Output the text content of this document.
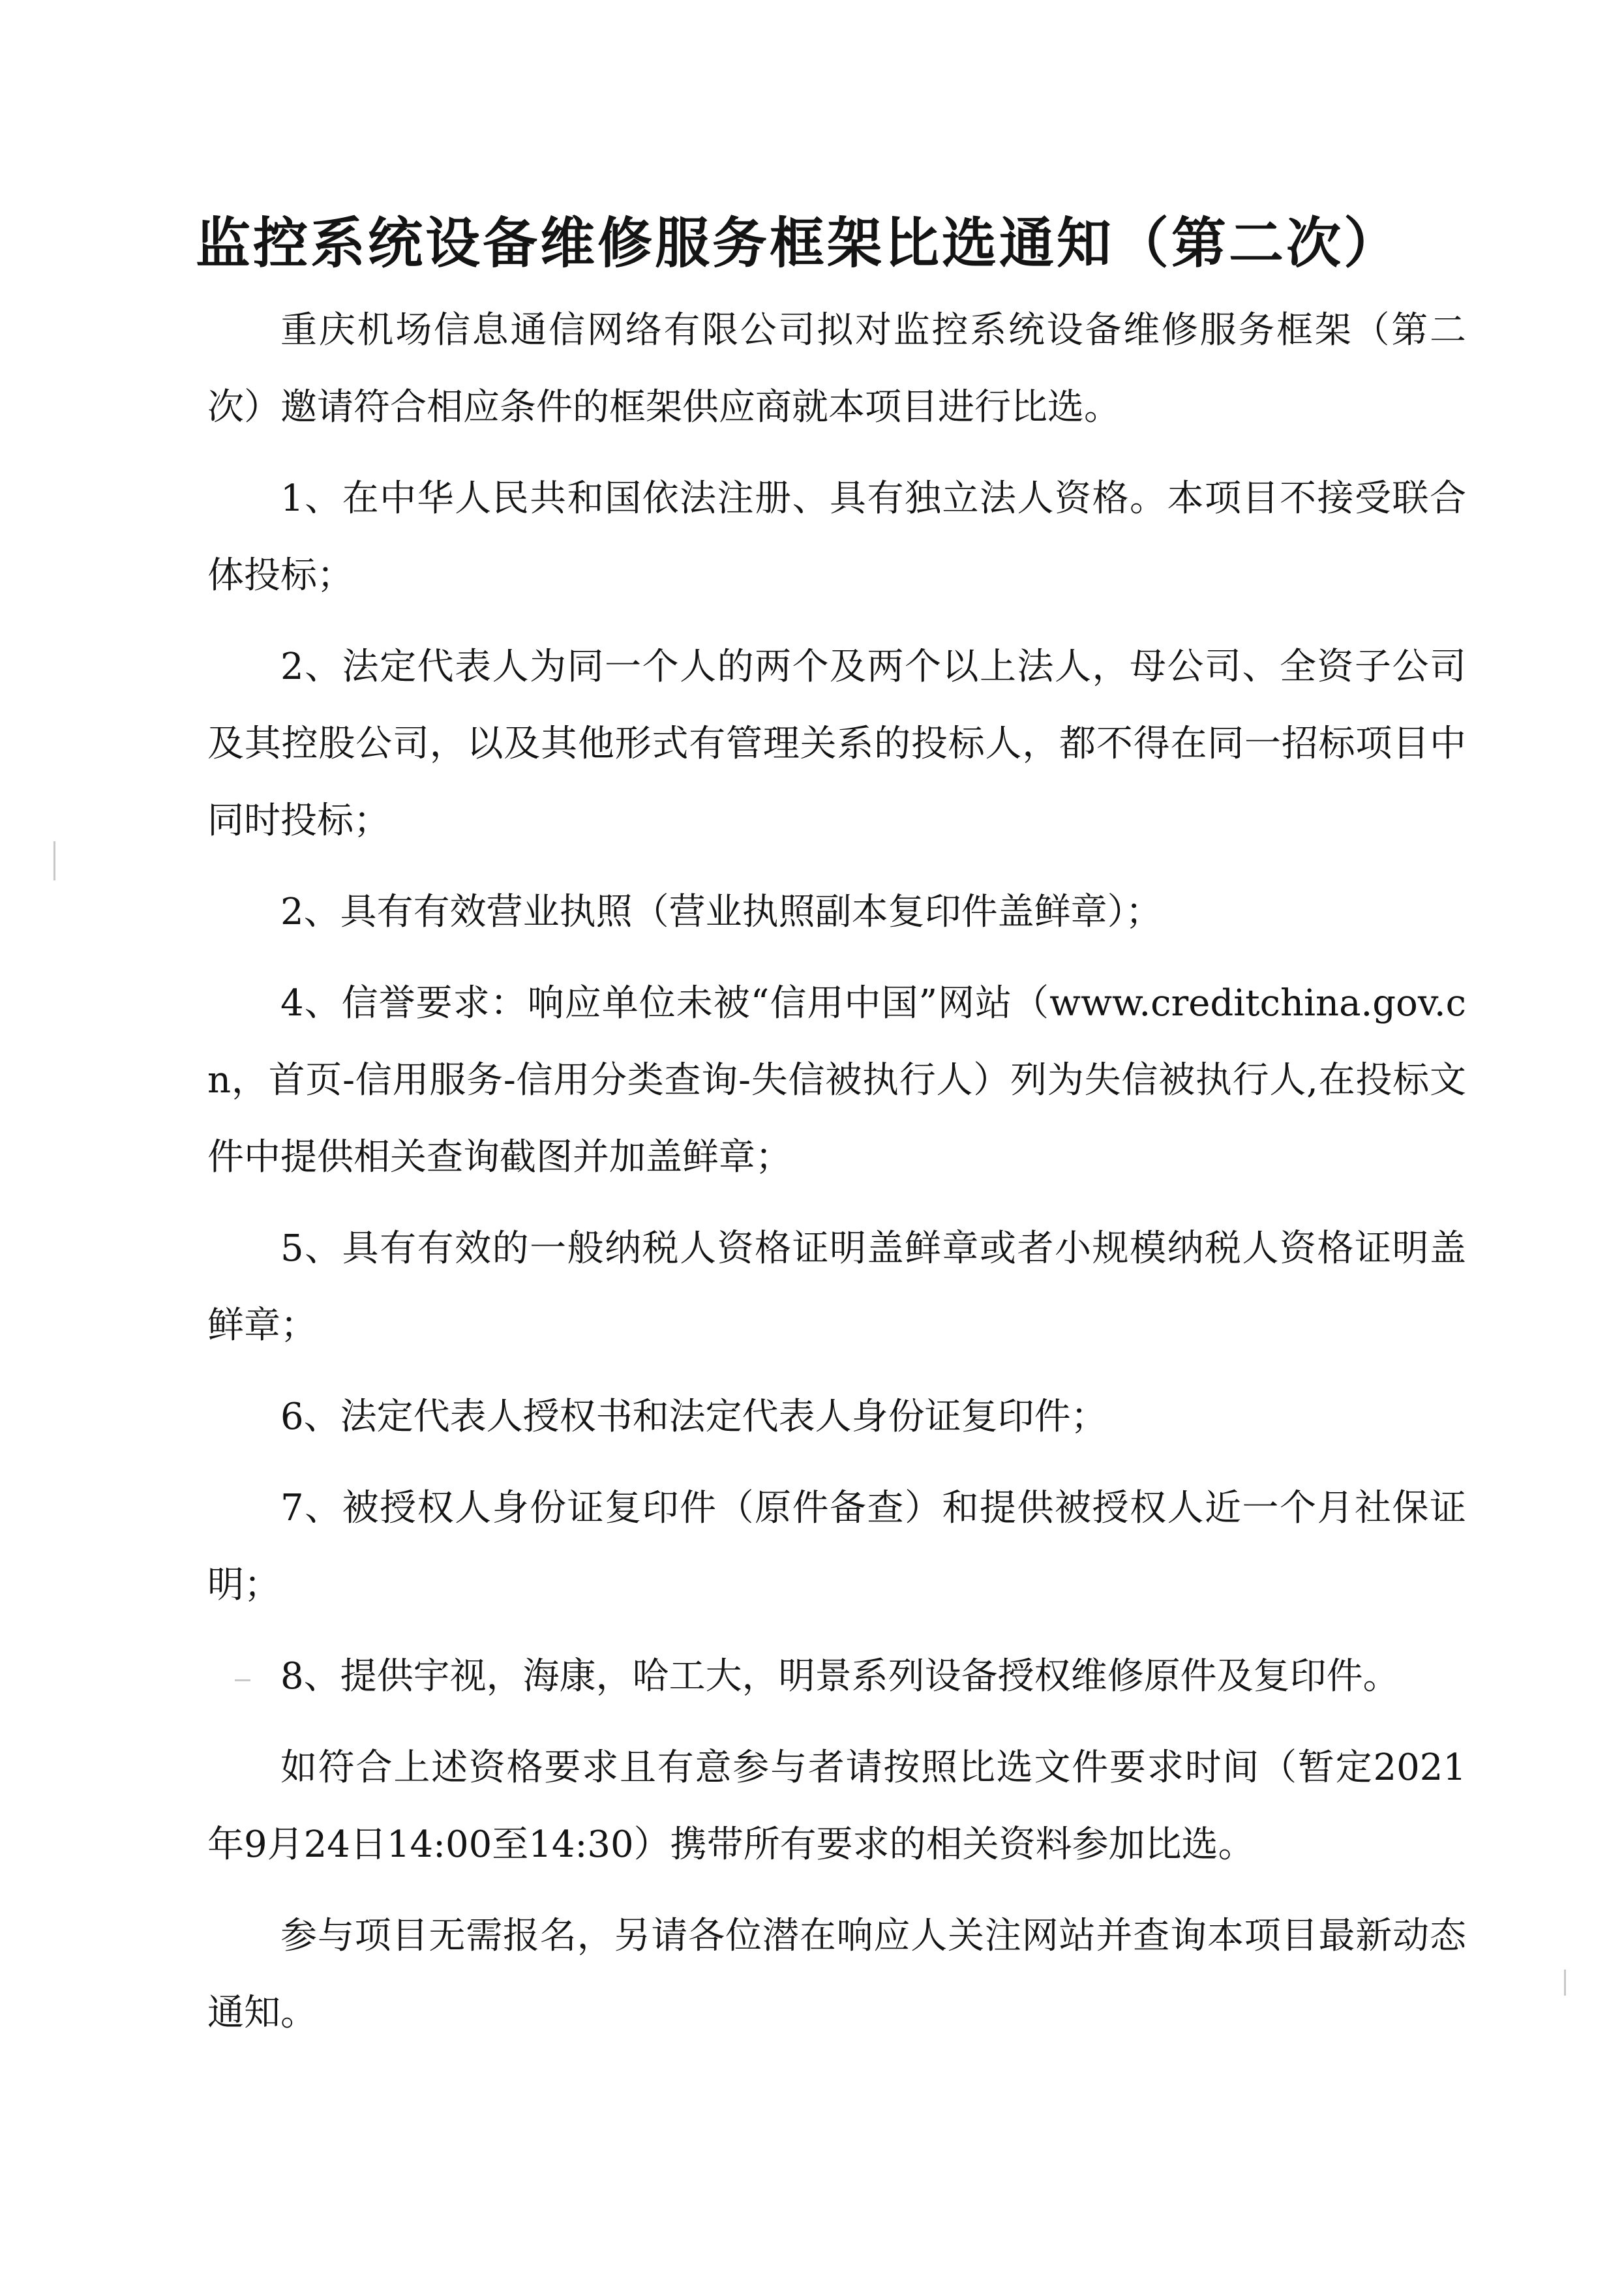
监控系统设备维修服务框架比选通知（第二次）

重庆机场信息通信网络有限公司拟对监控系统设备维修服务框架（第二次）邀请符合相应条件的框架供应商就本项目进行比选。

1、在中华人民共和国依法注册、具有独立法人资格。本项目不接受联合体投标；

2、法定代表人为同一个人的两个及两个以上法人，母公司、全资子公司及其控股公司，以及其他形式有管理关系的投标人，都不得在同一招标项目中同时投标；

2、具有有效营业执照（营业执照副本复印件盖鲜章）；

4、信誉要求：响应单位未被“信用中国”网站（www.creditchina.gov.cn，首页-信用服务-信用分类查询-失信被执行人）列为失信被执行人,在投标文件中提供相关查询截图并加盖鲜章；

5、具有有效的一般纳税人资格证明盖鲜章或者小规模纳税人资格证明盖鲜章；

6、法定代表人授权书和法定代表人身份证复印件；

7、被授权人身份证复印件（原件备查）和提供被授权人近一个月社保证明；

8、提供宇视，海康，哈工大，明景系列设备授权维修原件及复印件。

如符合上述资格要求且有意参与者请按照比选文件要求时间（暂定2021年9月24日14:00至14:30）携带所有要求的相关资料参加比选。

参与项目无需报名，另请各位潜在响应人关注网站并查询本项目最新动态通知。
